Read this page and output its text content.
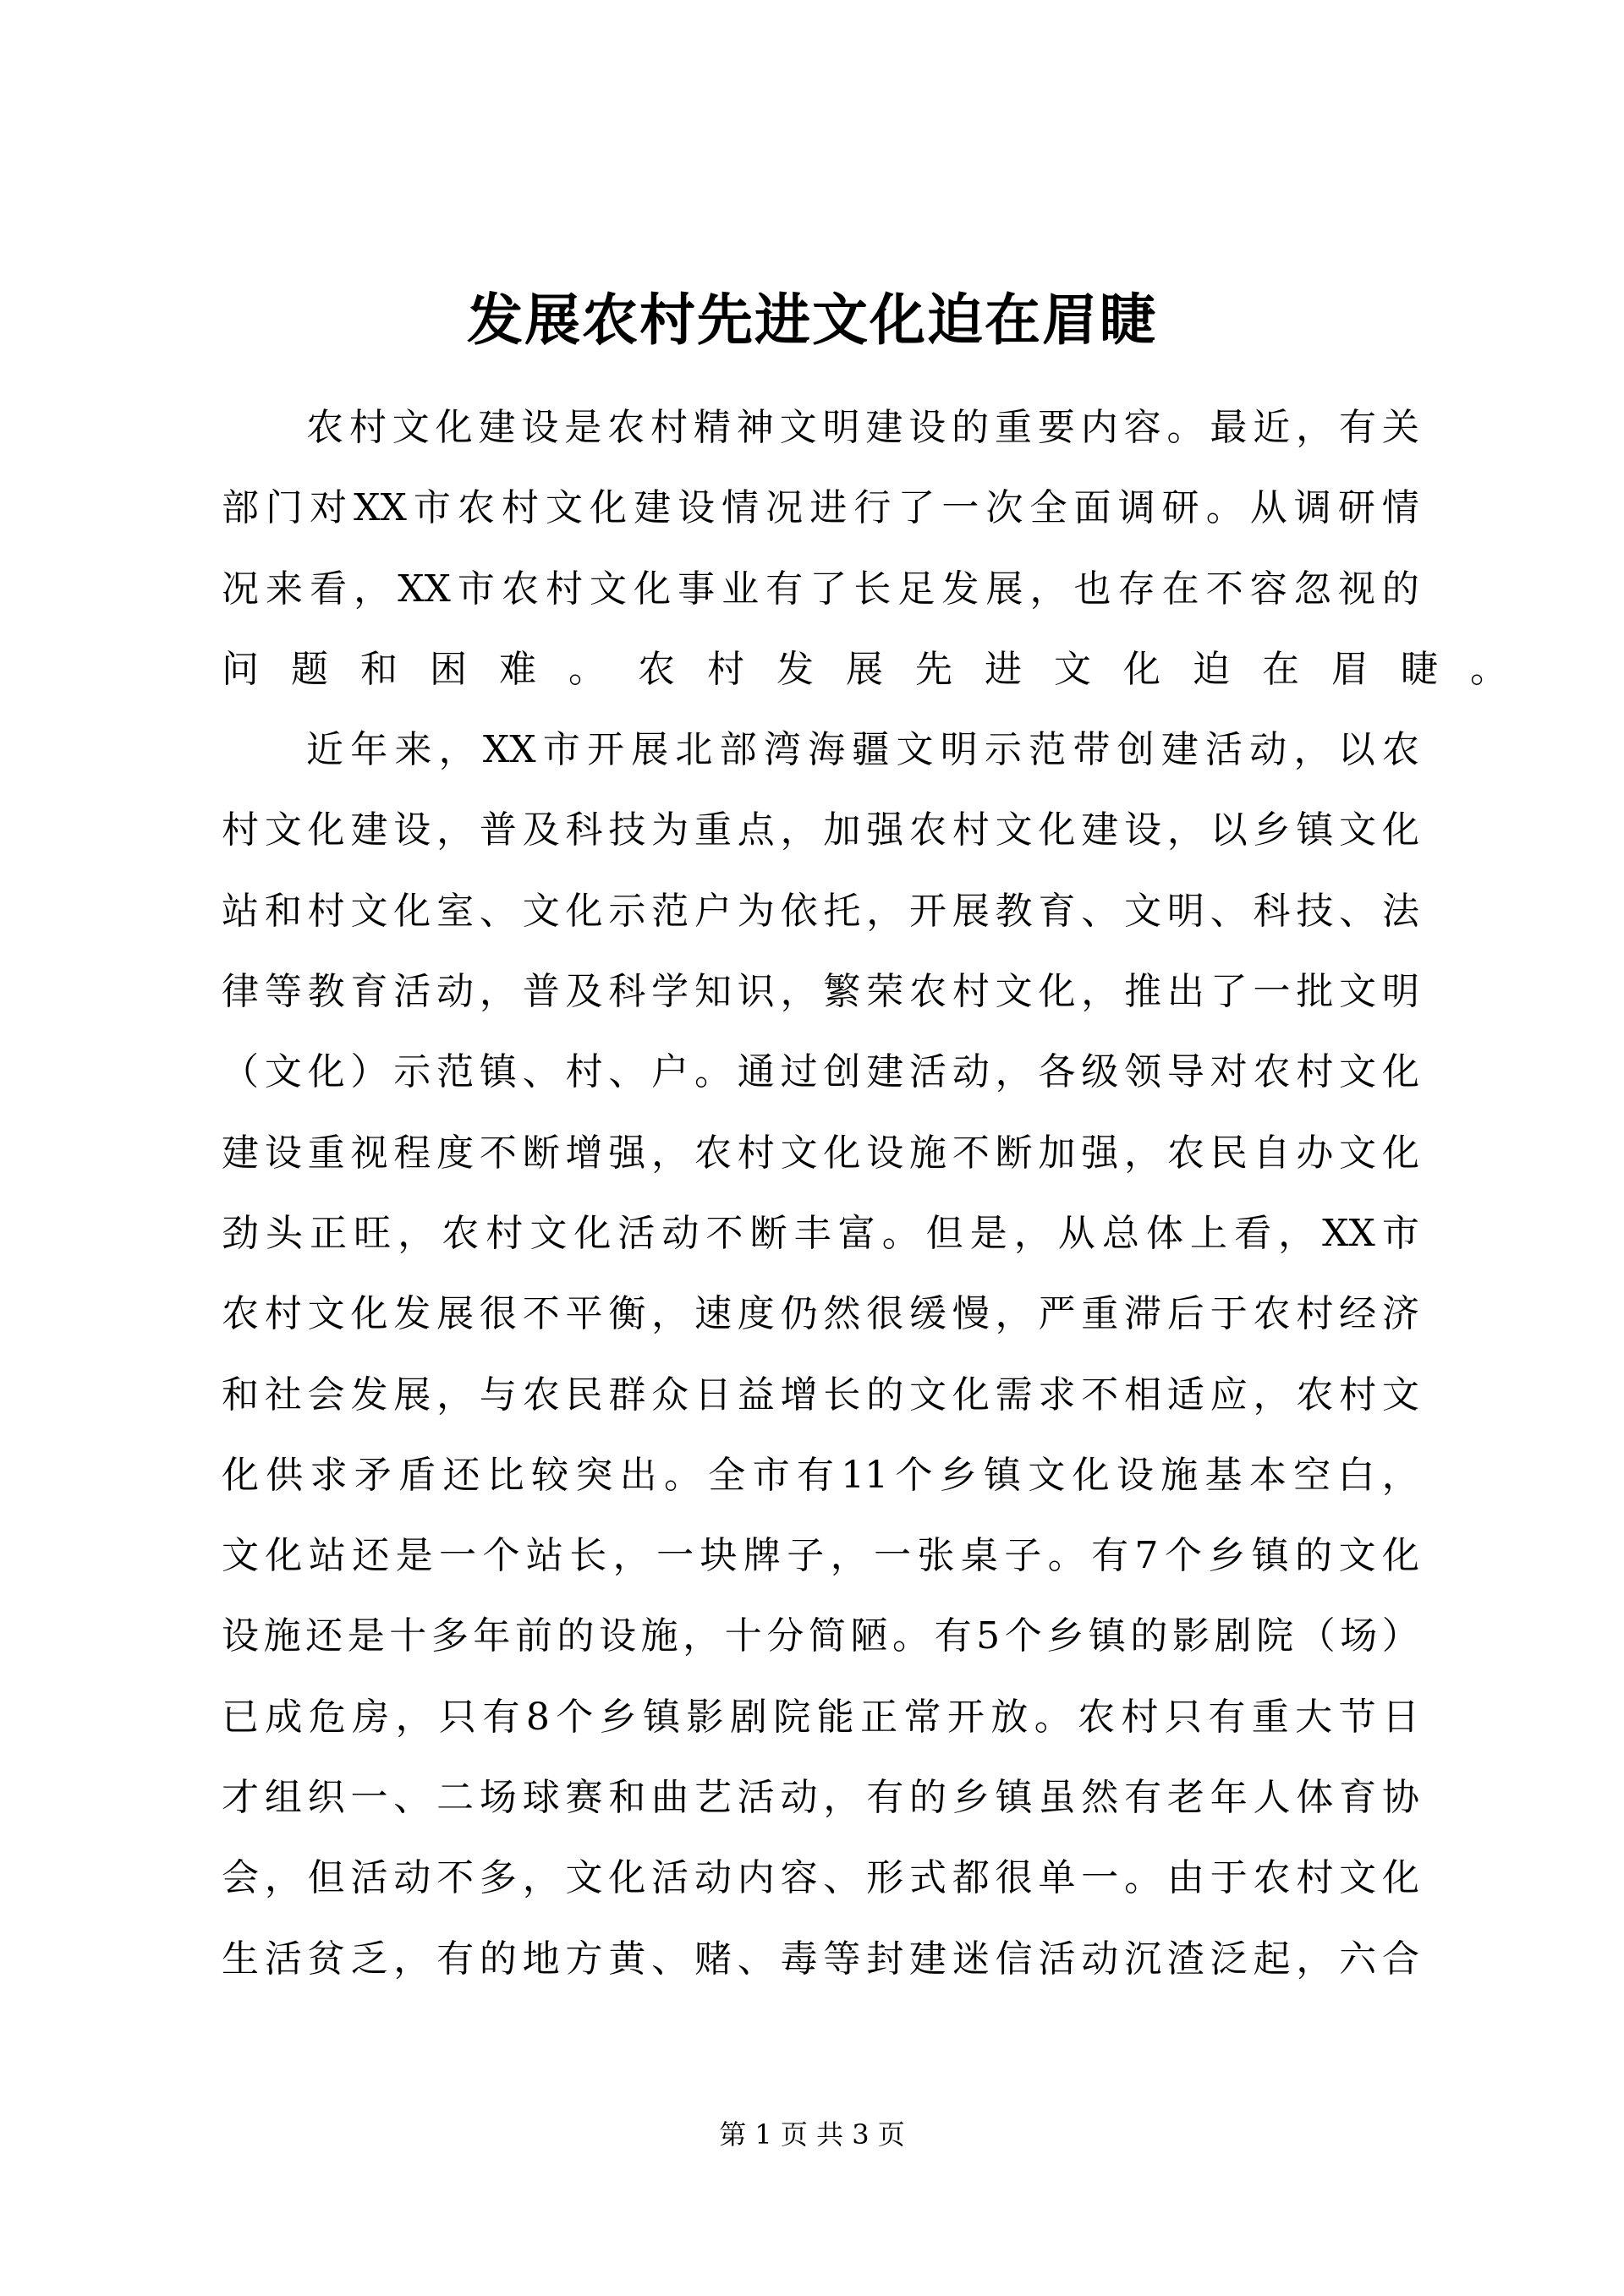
发展农村先进文化迫在眉睫
农 村 文 化 建 设 是 农 村 精 神 文 明 建 设 的 重 要 内 容 。 最 近 ， 有 关
部 门 对 XX 市 农 村 文 化 建 设 情 况 进 行 了 一 次 全 面 调 研 。 从 调 研 情
况 来 看 ， XX 市 农 村 文 化 事 业 有 了 长 足 发 展 ， 也 存 在 不 容 忽 视 的
问题和困难。农村发展先进文化迫在眉睫。
近 年 来 ， XX 市 开 展 北 部 湾 海 疆 文 明 示 范 带 创 建 活 动 ， 以 农
村 文 化 建 设 ， 普 及 科 技 为 重 点 ， 加 强 农 村 文 化 建 设 ， 以 乡 镇 文 化
站 和 村 文 化 室 、 文 化 示 范 户 为 依 托 ， 开 展 教 育 、 文 明 、 科 技 、 法
律 等 教 育 活 动 ， 普 及 科 学 知 识 ， 繁 荣 农 村 文 化 ， 推 出 了 一 批 文 明
（ 文 化 ） 示 范 镇 、 村 、 户 。 通 过 创 建 活 动 ， 各 级 领 导 对 农 村 文 化
建 设 重 视 程 度 不 断 增 强 ， 农 村 文 化 设 施 不 断 加 强 ， 农 民 自 办 文 化
劲 头 正 旺 ， 农 村 文 化 活 动 不 断 丰 富 。 但 是 ， 从 总 体 上 看 ， XX 市
农 村 文 化 发 展 很 不 平 衡 ， 速 度 仍 然 很 缓 慢 ， 严 重 滞 后 于 农 村 经 济
和 社 会 发 展 ， 与 农 民 群 众 日 益 增 长 的 文 化 需 求 不 相 适 应 ， 农 村 文
化 供 求 矛 盾 还 比 较 突 出 。 全 市 有 11 个 乡 镇 文 化 设 施 基 本 空 白 ，
文 化 站 还 是 一 个 站 长 ， 一 块 牌 子 ， 一 张 桌 子 。 有 7 个 乡 镇 的 文 化
设 施 还 是 十 多 年 前 的 设 施 ， 十 分 简 陋 。 有 5 个 乡 镇 的 影 剧 院 （ 场 ）
已 成 危 房 ， 只 有 8 个 乡 镇 影 剧 院 能 正 常 开 放 。 农 村 只 有 重 大 节 日
才 组 织 一 、 二 场 球 赛 和 曲 艺 活 动 ， 有 的 乡 镇 虽 然 有 老 年 人 体 育 协
会 ， 但 活 动 不 多 ， 文 化 活 动 内 容 、 形 式 都 很 单 一 。 由 于 农 村 文 化
生 活 贫 乏 ， 有 的 地 方 黄 、 赌 、 毒 等 封 建 迷 信 活 动 沉 渣 泛 起 ， 六 合
第 1 页 共 3 页
